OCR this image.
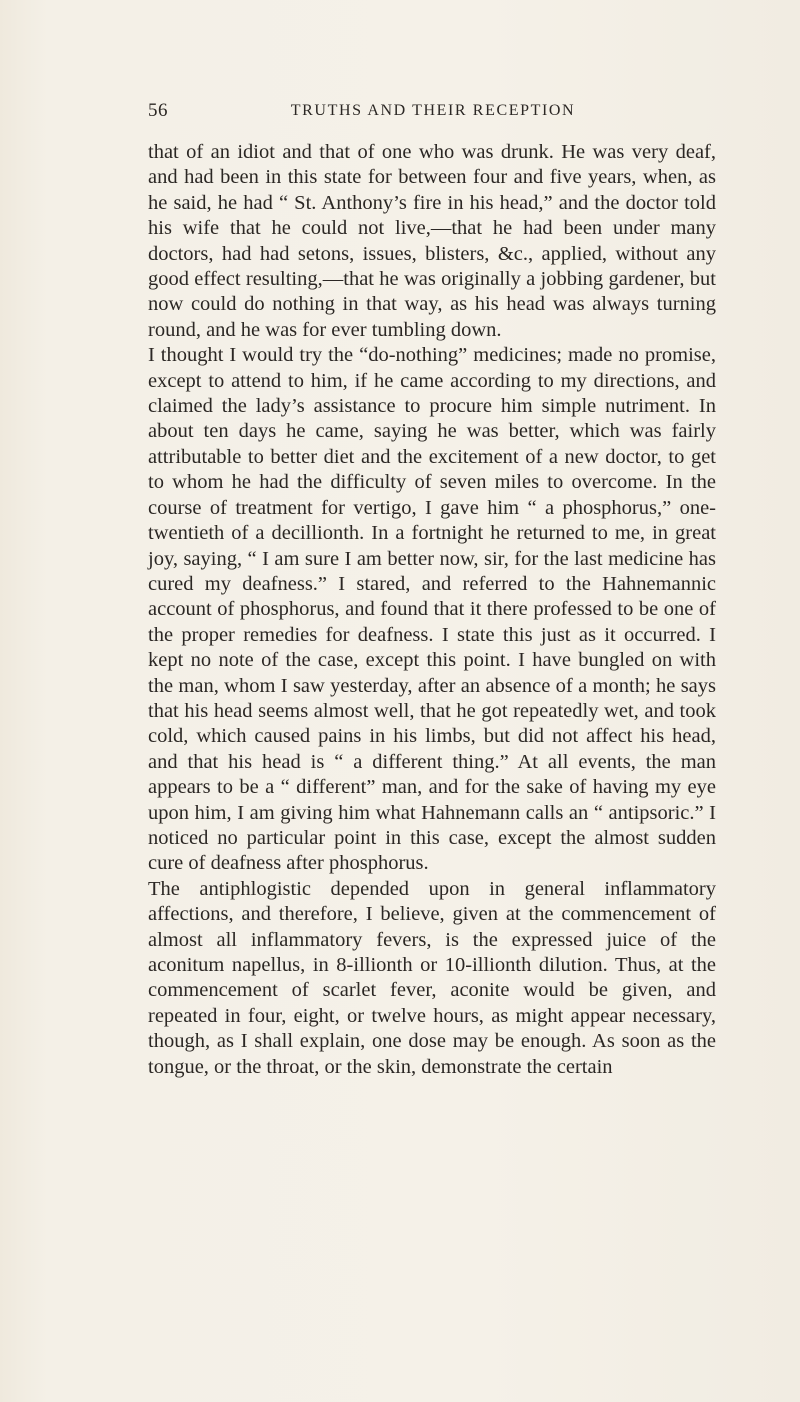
56	TRUTHS AND THEIR RECEPTION

that of an idiot and that of one who was drunk. He was very deaf, and had been in this state for between four and five years, when, as he said, he had “ St. Anthony’s fire in his head,” and the doctor told his wife that he could not live,—that he had been under many doctors, had had setons, issues, blisters, &c., applied, without any good effect resulting,—that he was originally a jobbing gardener, but now could do nothing in that way, as his head was always turning round, and he was for ever tumbling down.

I thought I would try the “do-nothing” medicines; made no promise, except to attend to him, if he came according to my directions, and claimed the lady’s assistance to procure him simple nutriment. In about ten days he came, saying he was better, which was fairly attributable to better diet and the excitement of a new doctor, to get to whom he had the difficulty of seven miles to overcome. In the course of treatment for vertigo, I gave him “ a phosphorus,” one-twentieth of a decillionth. In a fortnight he returned to me, in great joy, saying, “ I am sure I am better now, sir, for the last medicine has cured my deafness.” I stared, and referred to the Hahnemannic account of phosphorus, and found that it there professed to be one of the proper remedies for deafness. I state this just as it occurred. I kept no note of the case, except this point. I have bungled on with the man, whom I saw yesterday, after an absence of a month; he says that his head seems almost well, that he got repeatedly wet, and took cold, which caused pains in his limbs, but did not affect his head, and that his head is “ a different thing.” At all events, the man appears to be a “ different” man, and for the sake of having my eye upon him, I am giving him what Hahnemann calls an “ antipsoric.” I noticed no particular point in this case, except the almost sudden cure of deafness after phosphorus.

The antiphlogistic depended upon in general inflammatory affections, and therefore, I believe, given at the commencement of almost all inflammatory fevers, is the expressed juice of the aconitum napellus, in 8-illionth or 10-illionth dilution. Thus, at the commencement of scarlet fever, aconite would be given, and repeated in four, eight, or twelve hours, as might appear necessary, though, as I shall explain, one dose may be enough. As soon as the tongue, or the throat, or the skin, demonstrate the certain
